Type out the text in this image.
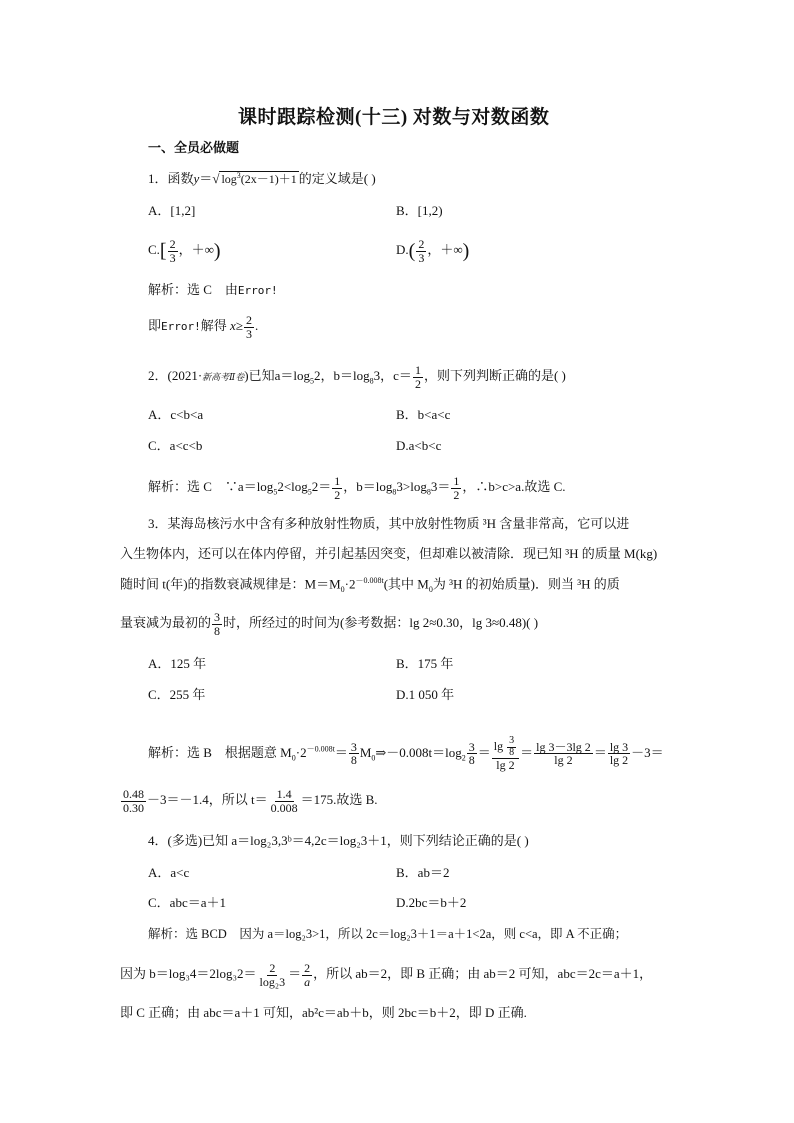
课时跟踪检测(十三) 对数与对数函数
一、全员必做题
1．函数y＝√ $\log^3(2x-1)+1$ 的定义域是( )
A．[1,2]	B．[1,2)
$C.[ \frac{2}{3}$ ，＋∞)	$D.( \frac{2}{3}$ ，＋∞)
解析：选 C　由Error!
即Error!解得 $x\ge \frac{2}{3}$ .
2．(2021·新高考Ⅱ卷)已知$a=\log_52$，$b=\log_83$，$c= \frac{1}{2}$ ，则下列判断正确的是( )
A．c<b<a	B．b<a<c
C．a<c<b	D.a<b<c
解析：选 C　$\because a=\log_52<\log_52= \frac{1}{2}$ ，$b=\log_83>\log_83= \frac{1}{2}$ ，∴b>c>a.故选 C.
3．某海岛核污水中含有多种放射性物质，其中放射性物质 ³H 含量非常高，它可以进
入生物体内，还可以在体内停留，并引起基因突变，但却难以被清除．现已知 ³H 的质量 M(kg)
随时间 t(年)的指数衰减规律是：$M=M_0\cdot 2^{-0.008t}$(其中 $M_0$为 ³H 的初始质量)．则当 ³H 的质
量衰减为最初的 $\frac{3}{8}$ 时，所经过的时间为(参考数据：lg 2≈0.30，lg 3≈0.48)( )
A．125 年	B．175 年
C．255 年	D.1 050 年
解析：选 B　根据题意 $M_0\cdot 2^{-0.008t}= \frac{3}{8}$ $M_0\Rightarrow-0.008t=\log_2 \frac{3}{8} = \frac{\lg \frac{3}{8}}{\lg 2} = \frac{\lg 3-3\lg 2}{\lg 2} = \frac{\lg 3}{\lg 2} -3=$
$\frac{0.48}{0.30} -3=-1.4$，所以 $t= \frac{1.4}{0.008} =175$.故选 B.
4．(多选)已知 a＝log₂3,3ᵇ＝4,2c＝log₂3＋1，则下列结论正确的是( )
A．a<c	B．ab＝2
C．abc＝a＋1	D.2bc＝b＋2
解析：选 BCD　因为 a＝log₂3>1，所以 2c＝log₂3＋1＝a＋1<2a，则 c<a，即 A 不正确；
因为 $b=\log_34=2\log_32= \frac{2}{\text{log₂3}} = \frac{2}{a}$ ，所以 ab＝2，即 B 正确；由 ab＝2 可知，abc＝2c＝a＋1，
即 C 正确；由 abc＝a＋1 可知，ab²c＝ab＋b，则 2bc＝b＋2，即 D 正确.
